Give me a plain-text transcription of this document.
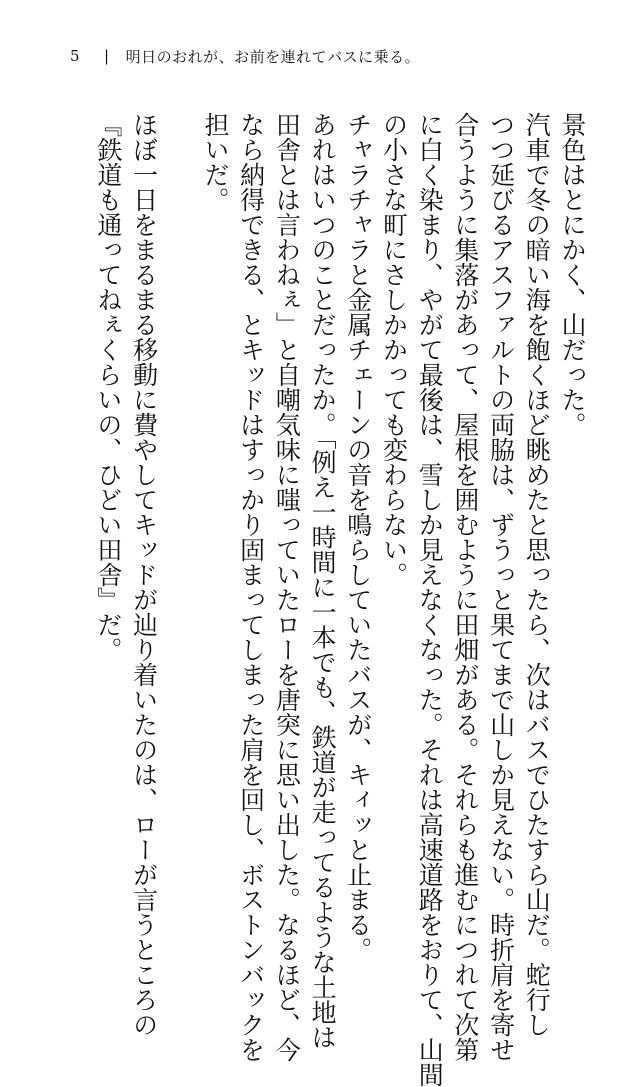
5	| 明日のおれが、お前を連れてバスに乗る。
景色はとにかく、山だった。
汽車で冬の暗い海を飽くほど眺めたと思ったら、次はバスでひたすら山だ。蛇行し
つつ延びるアスファルトの両脇は、ずうっと果てまで山しか見えない。時折肩を寄せ
合うように集落があって、屋根を囲むように田畑がある。それらも進むにつれて次第
に白く染まり、やがて最後は、雪しか見えなくなった。それは高速道路をおりて、山間
の小さな町にさしかかっても変わらない。
チャラチャラと金属チェーンの音を鳴らしていたバスが、キィッと止まる。
あれはいつのことだったか。「例え一時間に一本でも、鉄道が走ってるような土地は
田舎とは言わねぇ」と自嘲気味に嗤っていたローを唐突に思い出した。なるほど、今
なら納得できる、とキッドはすっかり固まってしまった肩を回し、ボストンバックを
担いだ。
ほぼ一日をまるまる移動に費やしてキッドが辿り着いたのは、ローが言うところの
『鉄道も通ってねぇくらいの、ひどい田舎』だ。
